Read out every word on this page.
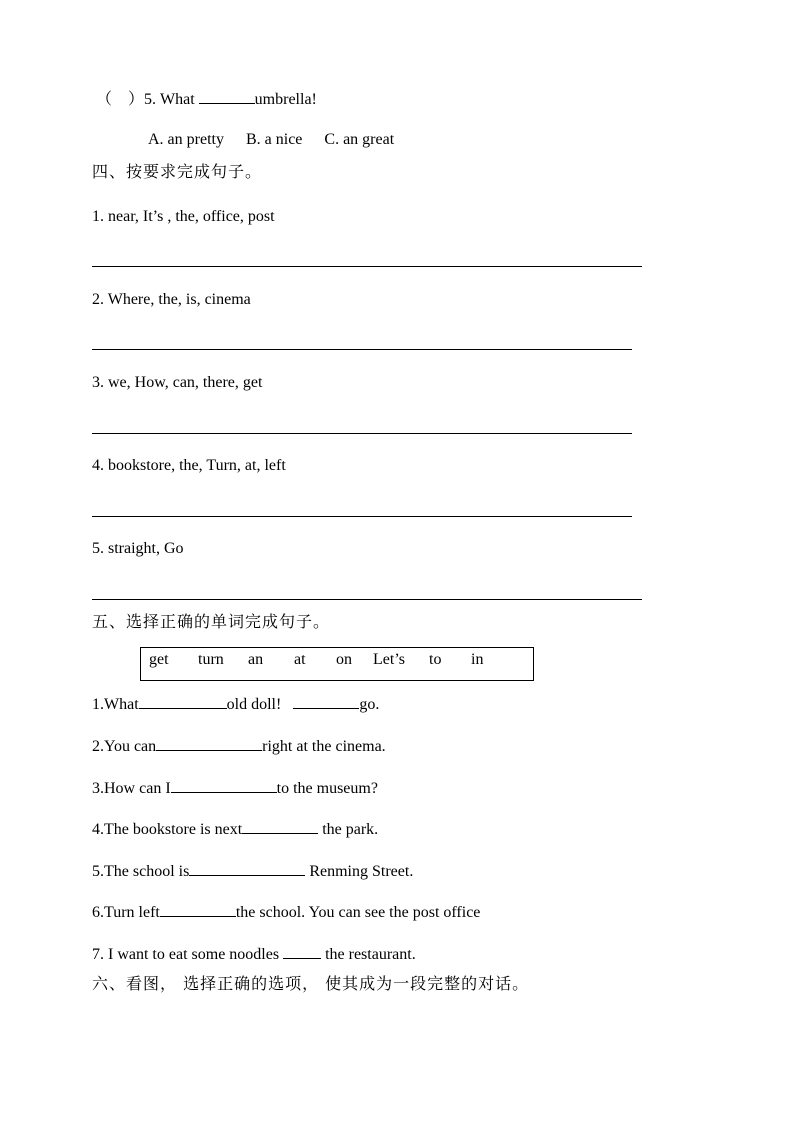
（　）5. What	umbrella!
A. an pretty B. a nice C. an great
四、按要求完成句子。
1. near, It’s , the, office, post
2. Where, the, is, cinema
3. we, How, can, there, get
4. bookstore, the, Turn, at, left
5. straight, Go
五、选择正确的单词完成句子。
get turn an at on Let’s to in
1.What	old doll!	go.
2.You can	right at the cinema.
3.How can I	to the museum?
4.The bookstore is next	the park.
5.The school is	Renming Street.
6.Turn left	the school. You can see the post office
7. I want to eat some noodles  the restaurant.
六、看图， 选择正确的选项， 使其成为一段完整的对话。
